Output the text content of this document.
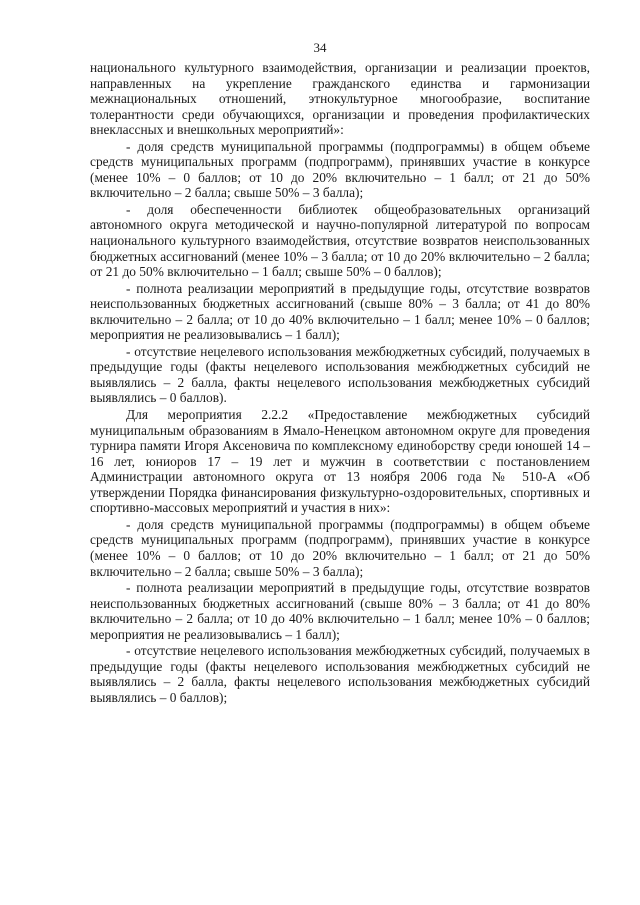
34

национального культурного взаимодействия, организации и реализации проектов, направленных на укрепление гражданского единства и гармонизации межнациональных отношений, этнокультурное многообразие, воспитание толерантности среди обучающихся, организации и проведения профилактических внеклассных и внешкольных мероприятий»:

- доля средств муниципальной программы (подпрограммы) в общем объеме средств муниципальных программ (подпрограмм), принявших участие в конкурсе (менее 10% – 0 баллов; от 10 до 20% включительно – 1 балл; от 21 до 50% включительно – 2 балла; свыше 50% – 3 балла);

- доля обеспеченности библиотек общеобразовательных организаций автономного округа методической и научно-популярной литературой по вопросам национального культурного взаимодействия, отсутствие возвратов неиспользованных бюджетных ассигнований (менее 10% – 3 балла; от 10 до 20% включительно – 2 балла; от 21 до 50% включительно – 1 балл; свыше 50% – 0 баллов);

- полнота реализации мероприятий в предыдущие годы, отсутствие возвратов неиспользованных бюджетных ассигнований (свыше 80% – 3 балла; от 41 до 80% включительно – 2 балла; от 10 до 40% включительно – 1 балл; менее 10% – 0 баллов; мероприятия не реализовывались – 1 балл);

- отсутствие нецелевого использования межбюджетных субсидий, получаемых в предыдущие годы (факты нецелевого использования межбюджетных субсидий не выявлялись – 2 балла, факты нецелевого использования межбюджетных субсидий выявлялись – 0 баллов).

Для мероприятия 2.2.2 «Предоставление межбюджетных субсидий муниципальным образованиям в Ямало-Ненецком автономном округе для проведения турнира памяти Игоря Аксеновича по комплексному единоборству среди юношей 14 – 16 лет, юниоров 17 – 19 лет и мужчин в соответствии с постановлением Администрации автономного округа от 13 ноября 2006 года № 510-А «Об утверждении Порядка финансирования физкультурно-оздоровительных, спортивных и спортивно-массовых мероприятий и участия в них»:

- доля средств муниципальной программы (подпрограммы) в общем объеме средств муниципальных программ (подпрограмм), принявших участие в конкурсе (менее 10% – 0 баллов; от 10 до 20% включительно – 1 балл; от 21 до 50% включительно – 2 балла; свыше 50% – 3 балла);

- полнота реализации мероприятий в предыдущие годы, отсутствие возвратов неиспользованных бюджетных ассигнований (свыше 80% – 3 балла; от 41 до 80% включительно – 2 балла; от 10 до 40% включительно – 1 балл; менее 10% – 0 баллов; мероприятия не реализовывались – 1 балл);

- отсутствие нецелевого использования межбюджетных субсидий, получаемых в предыдущие годы (факты нецелевого использования межбюджетных субсидий не выявлялись – 2 балла, факты нецелевого использования межбюджетных субсидий выявлялись – 0 баллов);
